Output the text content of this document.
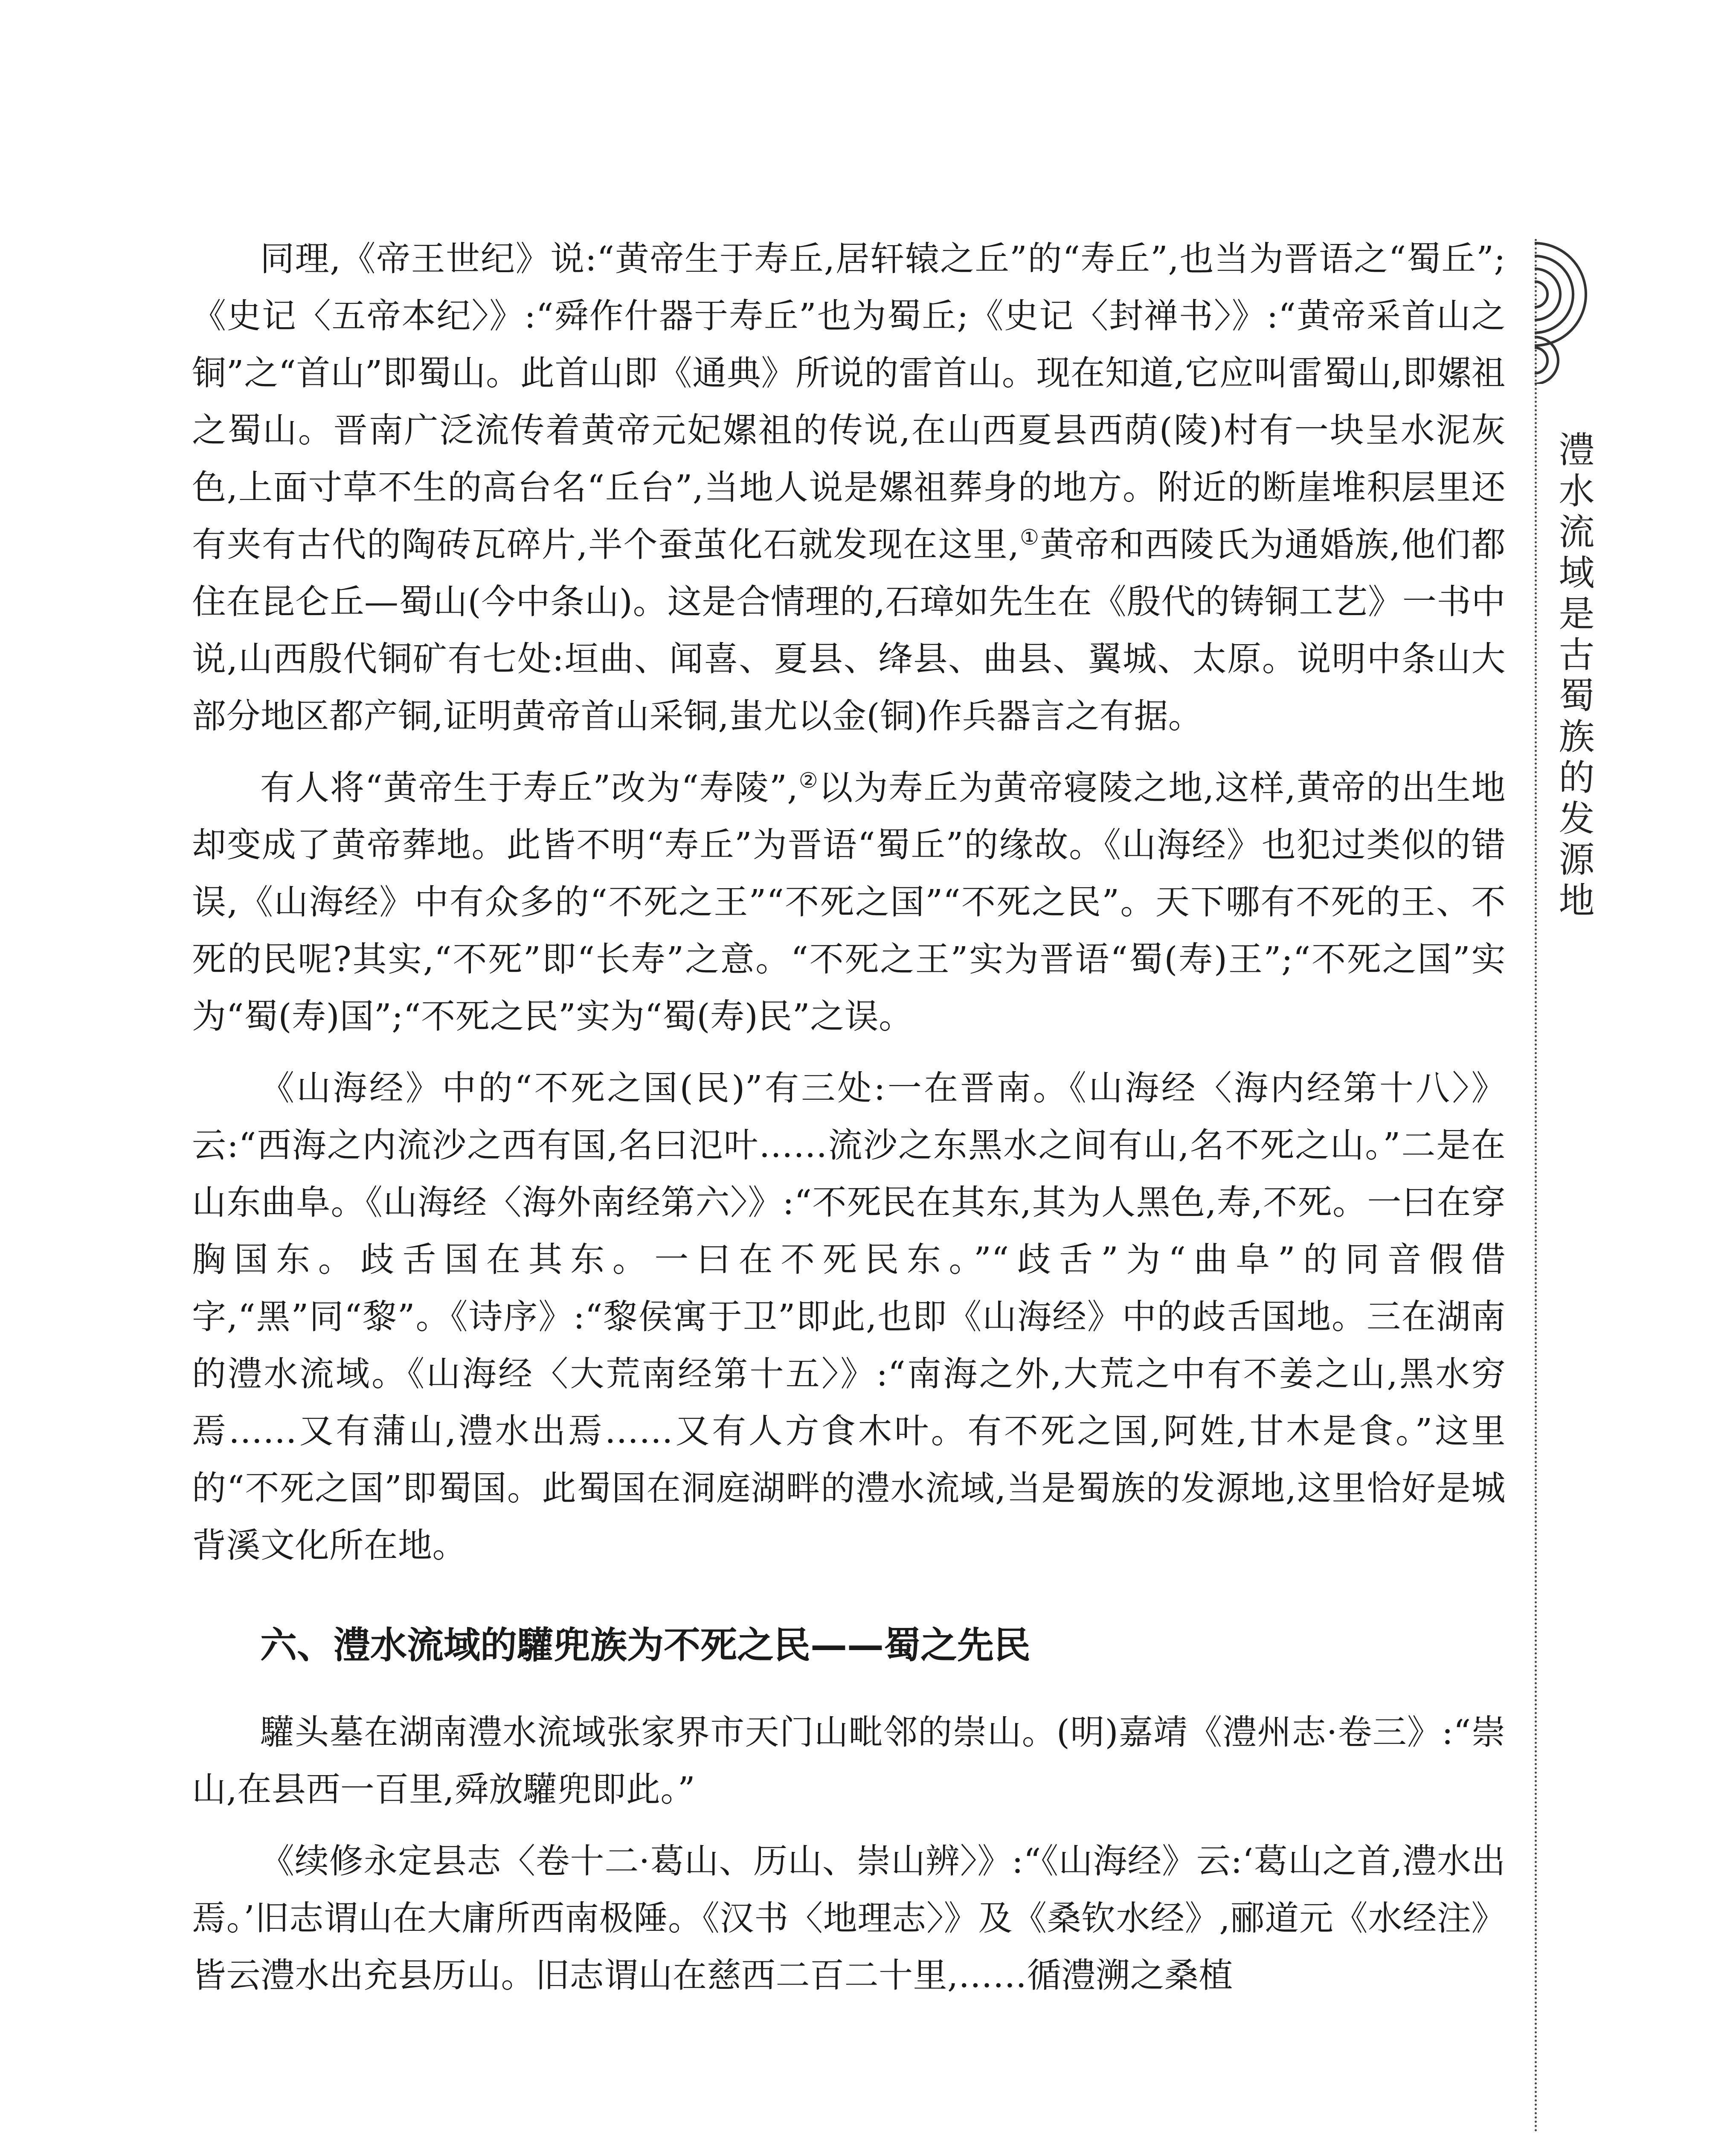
同理,《帝王世纪》说:“黄帝生于寿丘,居轩辕之丘”的“寿丘”,也当为晋语之“蜀丘”;《史记〈五帝本纪〉》:“舜作什器于寿丘”也为蜀丘;《史记〈封禅书〉》:“黄帝采首山之铜”之“首山”即蜀山。此首山即《通典》所说的雷首山。现在知道,它应叫雷蜀山,即嫘祖之蜀山。晋南广泛流传着黄帝元妃嫘祖的传说,在山西夏县西荫(陵)村有一块呈水泥灰色,上面寸草不生的高台名“丘台”,当地人说是嫘祖葬身的地方。附近的断崖堆积层里还有夹有古代的陶砖瓦碎片,半个蚕茧化石就发现在这里,①黄帝和西陵氏为通婚族,他们都住在昆仑丘—蜀山(今中条山)。这是合情理的,石璋如先生在《殷代的铸铜工艺》一书中说,山西殷代铜矿有七处:垣曲、闻喜、夏县、绛县、曲县、翼城、太原。说明中条山大部分地区都产铜,证明黄帝首山采铜,蚩尤以金(铜)作兵器言之有据。

有人将“黄帝生于寿丘”改为“寿陵”,②以为寿丘为黄帝寝陵之地,这样,黄帝的出生地却变成了黄帝葬地。此皆不明“寿丘”为晋语“蜀丘”的缘故。《山海经》也犯过类似的错误,《山海经》中有众多的“不死之王”“不死之国”“不死之民”。天下哪有不死的王、不死的民呢?其实,“不死”即“长寿”之意。“不死之王”实为晋语“蜀(寿)王”;“不死之国”实为“蜀(寿)国”;“不死之民”实为“蜀(寿)民”之误。

《山海经》中的“不死之国(民)”有三处:一在晋南。《山海经〈海内经第十八〉》云:“西海之内流沙之西有国,名曰氾叶……流沙之东黑水之间有山,名不死之山。”二是在山东曲阜。《山海经〈海外南经第六〉》:“不死民在其东,其为人黑色,寿,不死。一曰在穿胸国东。歧舌国在其东。一曰在不死民东。”“歧舌”为“曲阜”的同音假借字,“黑”同“黎”。《诗序》:“黎侯寓于卫”即此,也即《山海经》中的歧舌国地。三在湖南的澧水流域。《山海经〈大荒南经第十五〉》:“南海之外,大荒之中有不姜之山,黑水穷焉……又有蒲山,澧水出焉……又有人方食木叶。有不死之国,阿姓,甘木是食。”这里的“不死之国”即蜀国。此蜀国在洞庭湖畔的澧水流域,当是蜀族的发源地,这里恰好是城背溪文化所在地。

六、澧水流域的驩兜族为不死之民——蜀之先民

驩头墓在湖南澧水流域张家界市天门山毗邻的崇山。(明)嘉靖《澧州志·卷三》:“崇山,在县西一百里,舜放驩兜即此。”

《续修永定县志〈卷十二·葛山、历山、崇山辨〉》:“《山海经》云:‘葛山之首,澧水出焉。’旧志谓山在大庸所西南极陲。《汉书〈地理志〉》及《桑钦水经》,郦道元《水经注》皆云澧水出充县历山。旧志谓山在慈西二百二十里,……循澧溯之桑植

澧水流域是古蜀族的发源地
